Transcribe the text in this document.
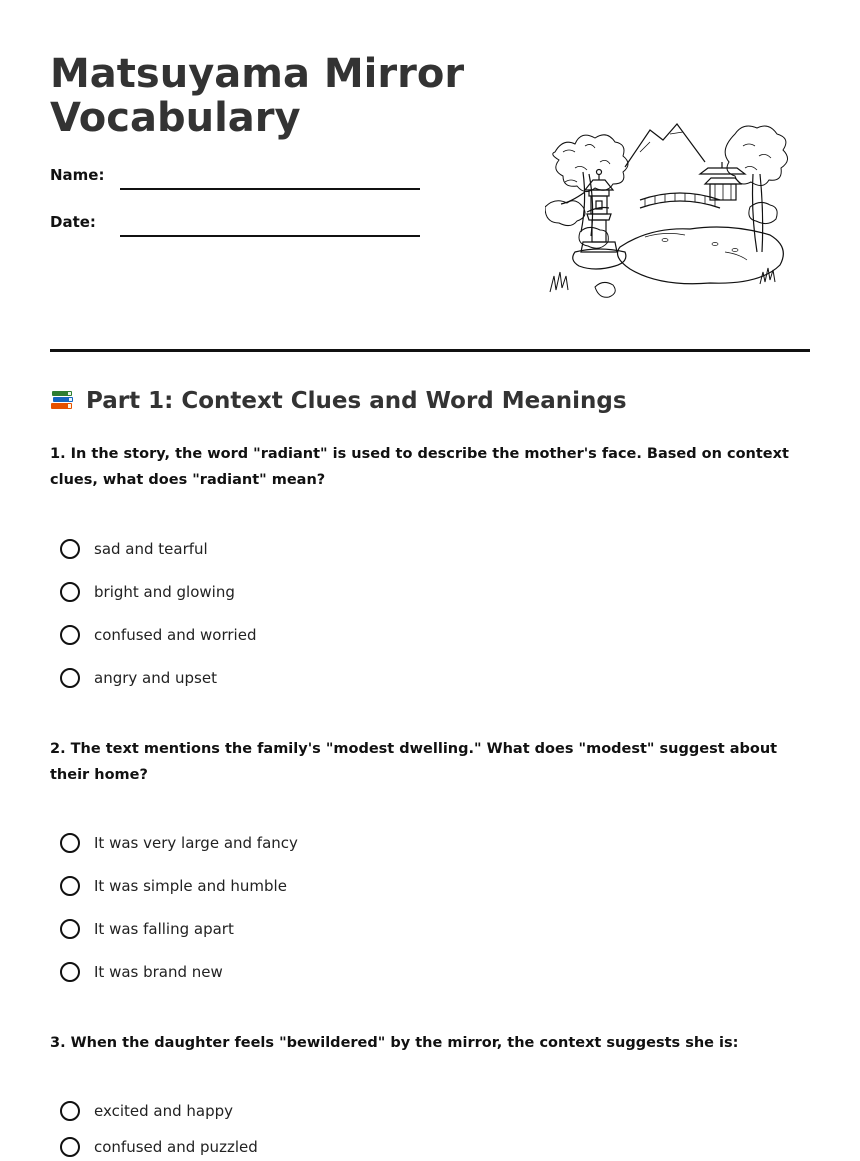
Matsuyama Mirror
Vocabulary
Name:
Date:
Part 1: Context Clues and Word Meanings
1. In the story, the word "radiant" is used to describe the mother's face. Based on context clues, what does "radiant" mean?
sad and tearful
bright and glowing
confused and worried
angry and upset
2. The text mentions the family's "modest dwelling." What does "modest" suggest about their home?
It was very large and fancy
It was simple and humble
It was falling apart
It was brand new
3. When the daughter feels "bewildered" by the mirror, the context suggests she is:
excited and happy
confused and puzzled
